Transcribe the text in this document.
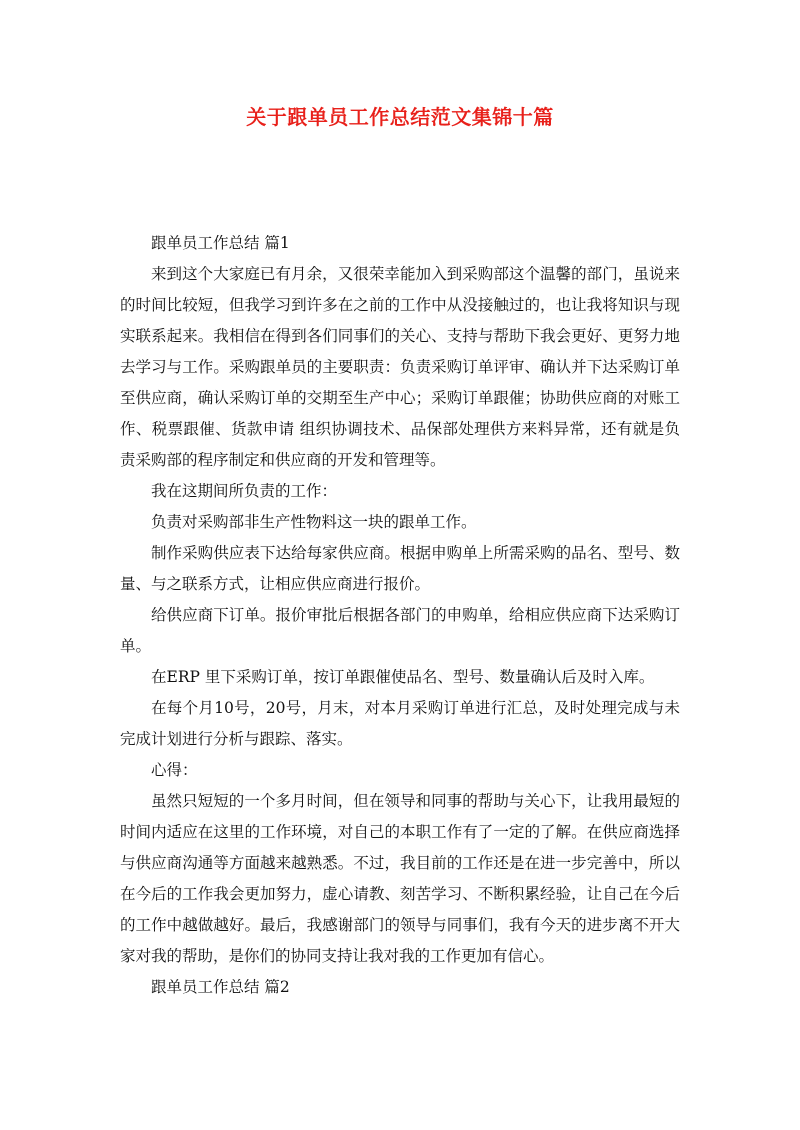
关于跟单员工作总结范文集锦十篇

跟单员工作总结 篇1

来到这个大家庭已有月余，又很荣幸能加入到采购部这个温馨的部门，虽说来的时间比较短，但我学习到许多在之前的工作中从没接触过的，也让我将知识与现实联系起来。我相信在得到各们同事们的关心、支持与帮助下我会更好、更努力地去学习与工作。采购跟单员的主要职责：负责采购订单评审、确认并下达采购订单至供应商，确认采购订单的交期至生产中心；采购订单跟催；协助供应商的对账工作、税票跟催、货款申请 组织协调技术、品保部处理供方来料异常，还有就是负责采购部的程序制定和供应商的开发和管理等。

我在这期间所负责的工作：

负责对采购部非生产性物料这一块的跟单工作。

制作采购供应表下达给每家供应商。根据申购单上所需采购的品名、型号、数量、与之联系方式，让相应供应商进行报价。

给供应商下订单。报价审批后根据各部门的申购单，给相应供应商下达采购订单。

在ERP 里下采购订单，按订单跟催使品名、型号、数量确认后及时入库。

在每个月10号，20号，月末，对本月采购订单进行汇总，及时处理完成与未完成计划进行分析与跟踪、落实。

心得：

虽然只短短的一个多月时间，但在领导和同事的帮助与关心下，让我用最短的时间内适应在这里的工作环境，对自己的本职工作有了一定的了解。在供应商选择与供应商沟通等方面越来越熟悉。不过，我目前的工作还是在进一步完善中，所以在今后的工作我会更加努力，虚心请教、刻苦学习、不断积累经验，让自己在今后的工作中越做越好。最后，我感谢部门的领导与同事们，我有今天的进步离不开大家对我的帮助，是你们的协同支持让我对我的工作更加有信心。

跟单员工作总结 篇2
